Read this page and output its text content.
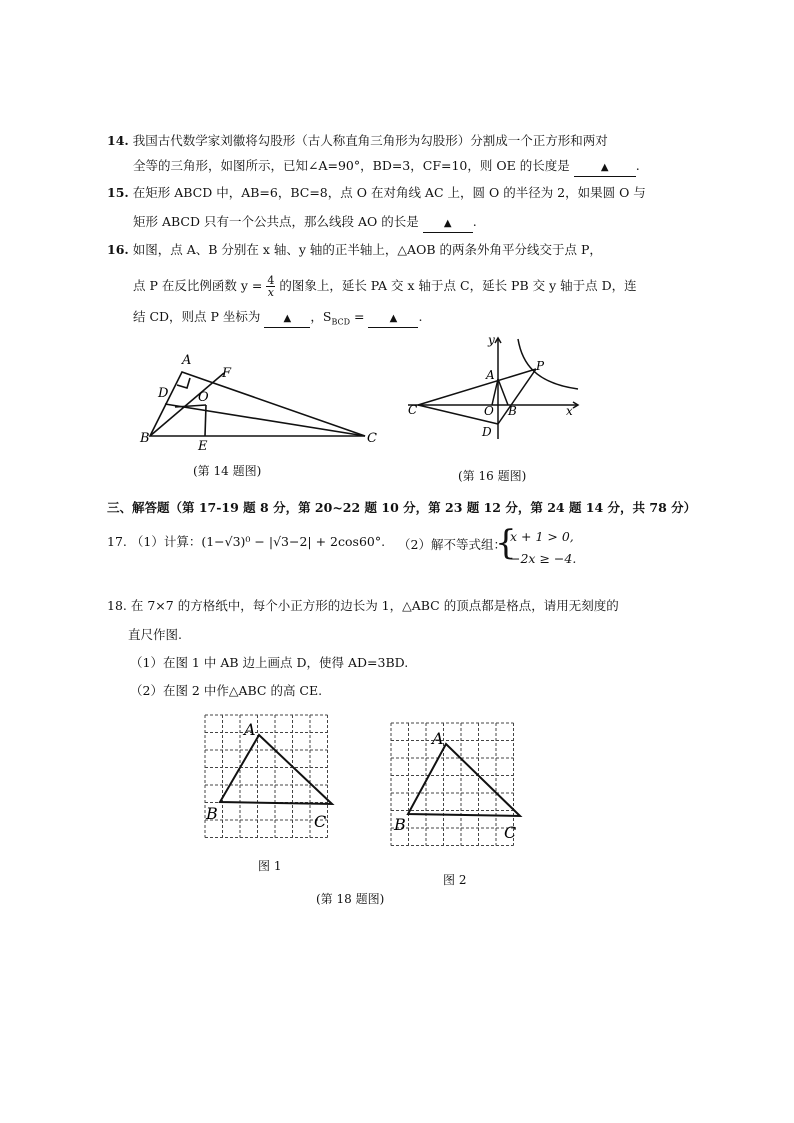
14. 我国古代数学家刘徽将勾股形（古人称直角三角形为勾股形）分割成一个正方形和两对
全等的三角形，如图所示，已知∠A=90°，BD=3，CF=10，则 OE 的长度是	▲ .
15. 在矩形 ABCD 中，AB=6，BC=8，点 O 在对角线 AC 上，圆 O 的半径为 2，如果圆 O 与
矩形 ABCD 只有一个公共点，那么线段 AO 的长是	▲ .
16. 如图，点 A、B 分别在 x 轴、y 轴的正半轴上，△AOB 的两条外角平分线交于点 P，
点 P 在反比例函数 $y = \frac{4}{x}$ 的图象上，延长 PA 交 x 轴于点 C，延长 PB 交 y 轴于点 D，连
结 CD，则点 P 坐标为 ▲ ，$S_{BCD}$ =	▲ .
A
D
F
O
B
E
C
(第 14 题图)
y
P
A
C	O B	x
D
(第 16 题图)
三、解答题（第 17-19 题 8 分，第 20~22 题 10 分，第 23 题 12 分，第 24 题 14 分，共 78 分）
17. （1）计算：(1−√3)⁰ − |√3−2| + 2cos60°. （2）解不等式组：
{
x + 1 > 0,
−2x ≥ −4.
18. 在 7×7 的方格纸中，每个小正方形的边长为 1，△ABC 的顶点都是格点，请用无刻度的
直尺作图.
（1）在图 1 中 AB 边上画点 D，使得 AD=3BD.
（2）在图 2 中作△ABC 的高 CE.
A
B	C
图 1
A
B	C
图 2
(第 18 题图)
